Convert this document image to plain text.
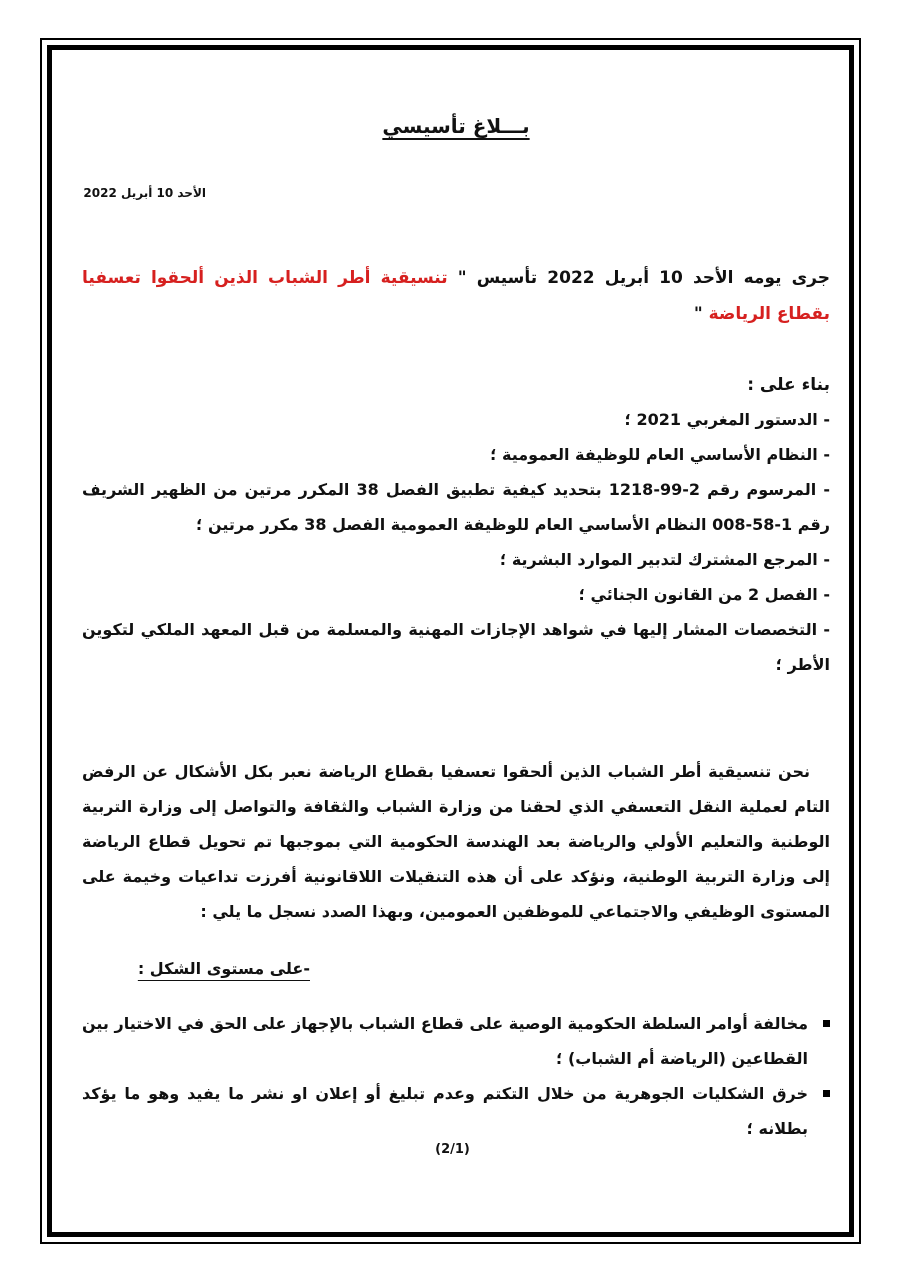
بـــلاغ تأسيسي
الأحد 10 أبريل 2022
جرى يومه الأحد 10 أبريل 2022 تأسيس " تنسيقية أطر الشباب الذين ألحقوا تعسفيا بقطاع الرياضة "
بناء على :
- الدستور المغربي 2021 ؛
- النظام الأساسي العام للوظيفة العمومية ؛
- المرسوم رقم 2-99-1218 بتحديد كيفية تطبيق الفصل 38 المكرر مرتين من الظهير الشريف رقم 1-58-008 النظام الأساسي العام للوظيفة العمومية الفصل 38 مكرر مرتين ؛
- المرجع المشترك لتدبير الموارد البشرية ؛
- الفصل 2 من القانون الجنائي ؛
- التخصصات المشار إليها في شواهد الإجازات المهنية والمسلمة من قبل المعهد الملكي لتكوين الأطر ؛
نحن تنسيقية أطر الشباب الذين ألحقوا تعسفيا بقطاع الرياضة نعبر بكل الأشكال عن الرفض التام لعملية النقل التعسفي الذي لحقنا من وزارة الشباب والثقافة والتواصل إلى وزارة التربية الوطنية والتعليم الأولي والرياضة بعد الهندسة الحكومية التي بموجبها تم تحويل قطاع الرياضة إلى وزارة التربية الوطنية، ونؤكد على أن هذه التنقيلات اللاقانونية أفرزت تداعيات وخيمة على المستوى الوظيفي والاجتماعي للموظفين العمومين، وبهذا الصدد نسجل ما يلي :
-على مستوى الشكل :
مخالفة أوامر السلطة الحكومية الوصية على قطاع الشباب بالإجهاز على الحق في الاختيار بين القطاعين (الرياضة أم الشباب) ؛
خرق الشكليات الجوهرية من خلال التكتم وعدم تبليغ أو إعلان او نشر ما يفيد وهو ما يؤكد بطلانه ؛
(2/1)
